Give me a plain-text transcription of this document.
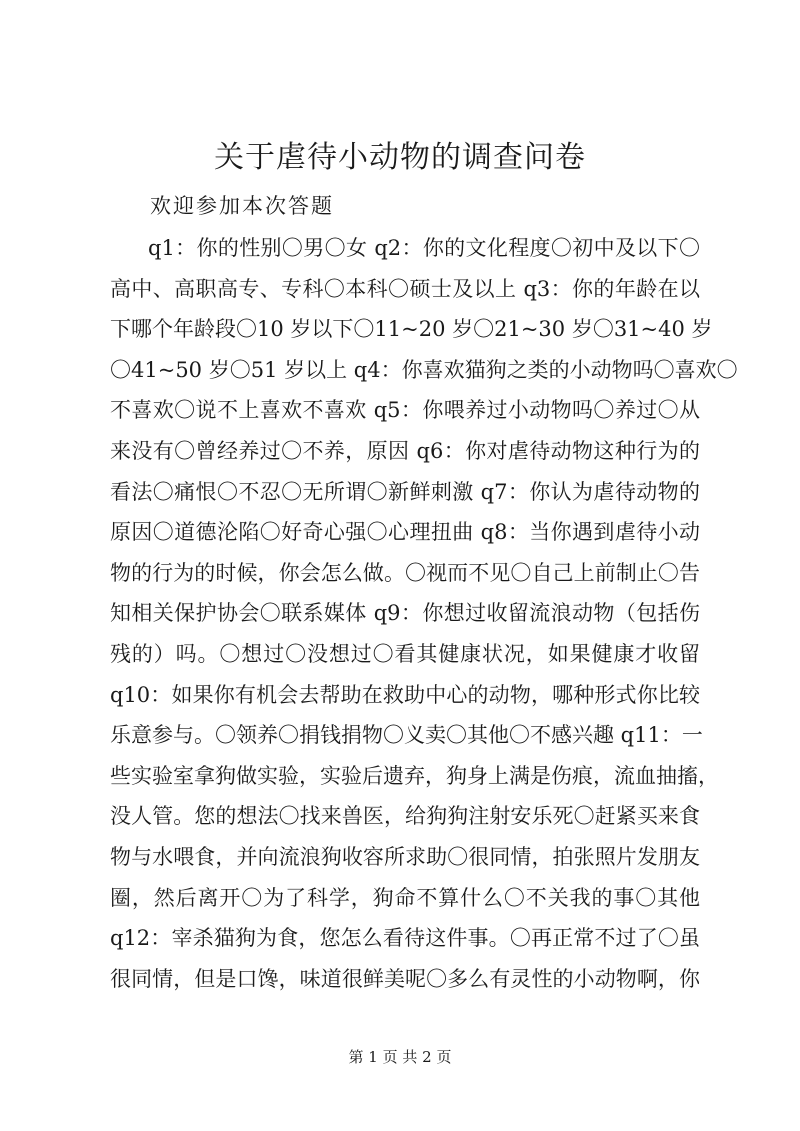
关于虐待小动物的调查问卷

欢迎参加本次答题

q1：你的性别〇男〇女 q2：你的文化程度〇初中及以下〇
高中、高职高专、专科〇本科〇硕士及以上 q3：你的年龄在以
下哪个年龄段〇10 岁以下〇11~20 岁〇21~30 岁〇31~40 岁
〇41~50 岁〇51 岁以上 q4：你喜欢猫狗之类的小动物吗〇喜欢〇
不喜欢〇说不上喜欢不喜欢 q5：你喂养过小动物吗〇养过〇从
来没有〇曾经养过〇不养，原因 q6：你对虐待动物这种行为的
看法〇痛恨〇不忍〇无所谓〇新鲜刺激 q7：你认为虐待动物的
原因〇道德沦陷〇好奇心强〇心理扭曲 q8：当你遇到虐待小动
物的行为的时候，你会怎么做。〇视而不见〇自己上前制止〇告
知相关保护协会〇联系媒体 q9：你想过收留流浪动物（包括伤
残的）吗。〇想过〇没想过〇看其健康状况，如果健康才收留
q10：如果你有机会去帮助在救助中心的动物，哪种形式你比较
乐意参与。〇领养〇捐钱捐物〇义卖〇其他〇不感兴趣 q11：一
些实验室拿狗做实验，实验后遗弃，狗身上满是伤痕，流血抽搐，
没人管。您的想法〇找来兽医，给狗狗注射安乐死〇赶紧买来食
物与水喂食，并向流浪狗收容所求助〇很同情，拍张照片发朋友
圈，然后离开〇为了科学，狗命不算什么〇不关我的事〇其他
q12：宰杀猫狗为食，您怎么看待这件事。〇再正常不过了〇虽
很同情，但是口馋，味道很鲜美呢〇多么有灵性的小动物啊，你

第 1 页 共 2 页
